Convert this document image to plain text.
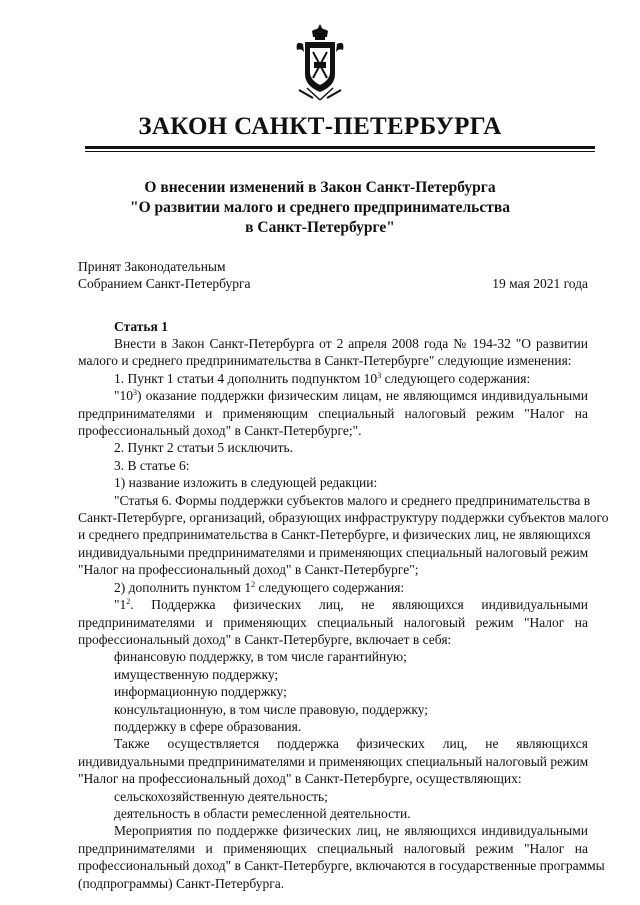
ЗАКОН САНКТ-ПЕТЕРБУРГА
О внесении изменений в Закон Санкт-Петербурга
"О развитии малого и среднего предпринимательства
в Санкт-Петербурге"
Принят Законодательным
Собранием Санкт-Петербурга	19 мая 2021 года
Статья 1
Внести в Закон Санкт-Петербурга от 2 апреля 2008 года № 194-32 "О развитии
малого и среднего предпринимательства в Санкт-Петербурге" следующие изменения:
1. Пункт 1 статьи 4 дополнить подпунктом $10^3$ следующего содержания:
"$10^3$) оказание поддержки физическим лицам, не являющимся индивидуальными
предпринимателями и применяющим специальный налоговый режим "Налог на
профессиональный доход" в Санкт-Петербурге;".
2. Пункт 2 статьи 5 исключить.
3. В статье 6:
1) название изложить в следующей редакции:
"Статья 6. Формы поддержки субъектов малого и среднего предпринимательства в
Санкт-Петербурге, организаций, образующих инфраструктуру поддержки субъектов малого
и среднего предпринимательства в Санкт-Петербурге, и физических лиц, не являющихся
индивидуальными предпринимателями и применяющих специальный налоговый режим
"Налог на профессиональный доход" в Санкт-Петербурге";
2) дополнить пунктом $1^2$ следующего содержания:
"$1^2$. Поддержка физических лиц, не являющихся индивидуальными
предпринимателями и применяющих специальный налоговый режим "Налог на
профессиональный доход" в Санкт-Петербурге, включает в себя:
финансовую поддержку, в том числе гарантийную;
имущественную поддержку;
информационную поддержку;
консультационную, в том числе правовую, поддержку;
поддержку в сфере образования.
Также осуществляется поддержка физических лиц, не являющихся
индивидуальными предпринимателями и применяющих специальный налоговый режим
"Налог на профессиональный доход" в Санкт-Петербурге, осуществляющих:
сельскохозяйственную деятельность;
деятельность в области ремесленной деятельности.
Мероприятия по поддержке физических лиц, не являющихся индивидуальными
предпринимателями и применяющих специальный налоговый режим "Налог на
профессиональный доход" в Санкт-Петербурге, включаются в государственные программы
(подпрограммы) Санкт-Петербурга.
